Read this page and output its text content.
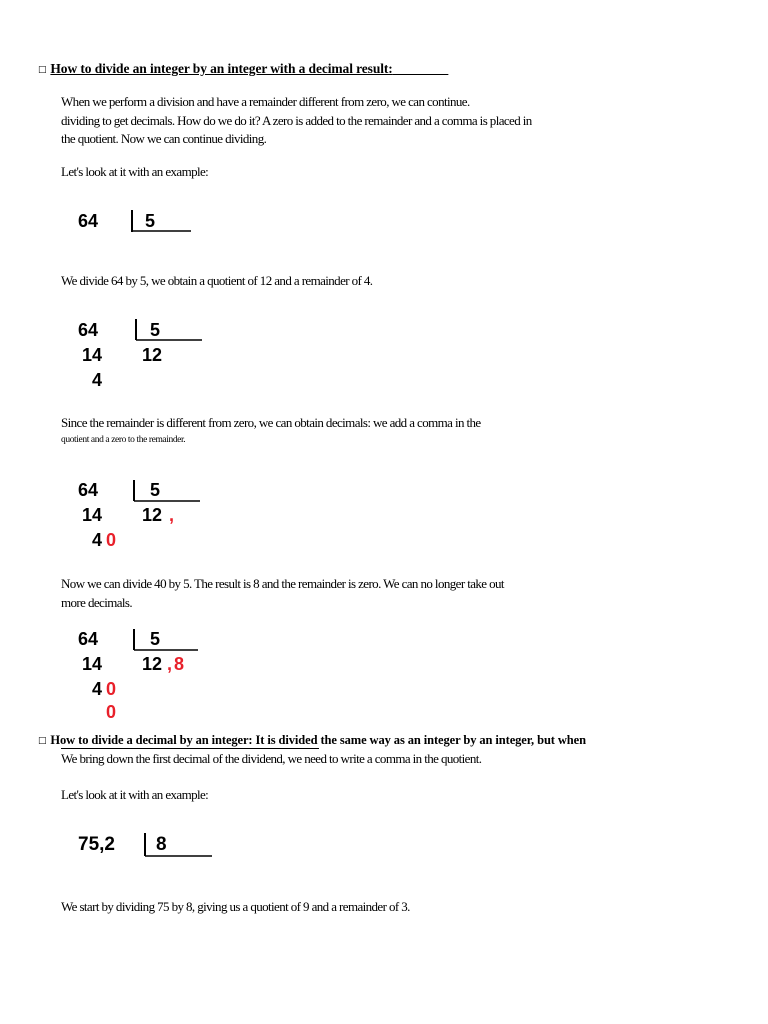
□ How to divide an integer by an integer with a decimal result:
When we perform a division and have a remainder different from zero, we can continue.
dividing to get decimals. How do we do it? A zero is added to the remainder and a comma is placed in
the quotient. Now we can continue dividing.
Let's look at it with an example:
64	5
We divide 64 by 5, we obtain a quotient of 12 and a remainder of 4.
64	5
14 12
4
Since the remainder is different from zero, we can obtain decimals: we add a comma in the
quotient and a zero to the remainder.
64	5
14 12 ,
4 0
Now we can divide 40 by 5. The result is 8 and the remainder is zero. We can no longer take out
more decimals.
64	5
14 12 , 8
4 0
0
□ How to divide a decimal by an integer: It is divided the same way as an integer by an integer, but when
We bring down the first decimal of the dividend, we need to write a comma in the quotient.
Let's look at it with an example:
75,2 8
We start by dividing 75 by 8, giving us a quotient of 9 and a remainder of 3.
